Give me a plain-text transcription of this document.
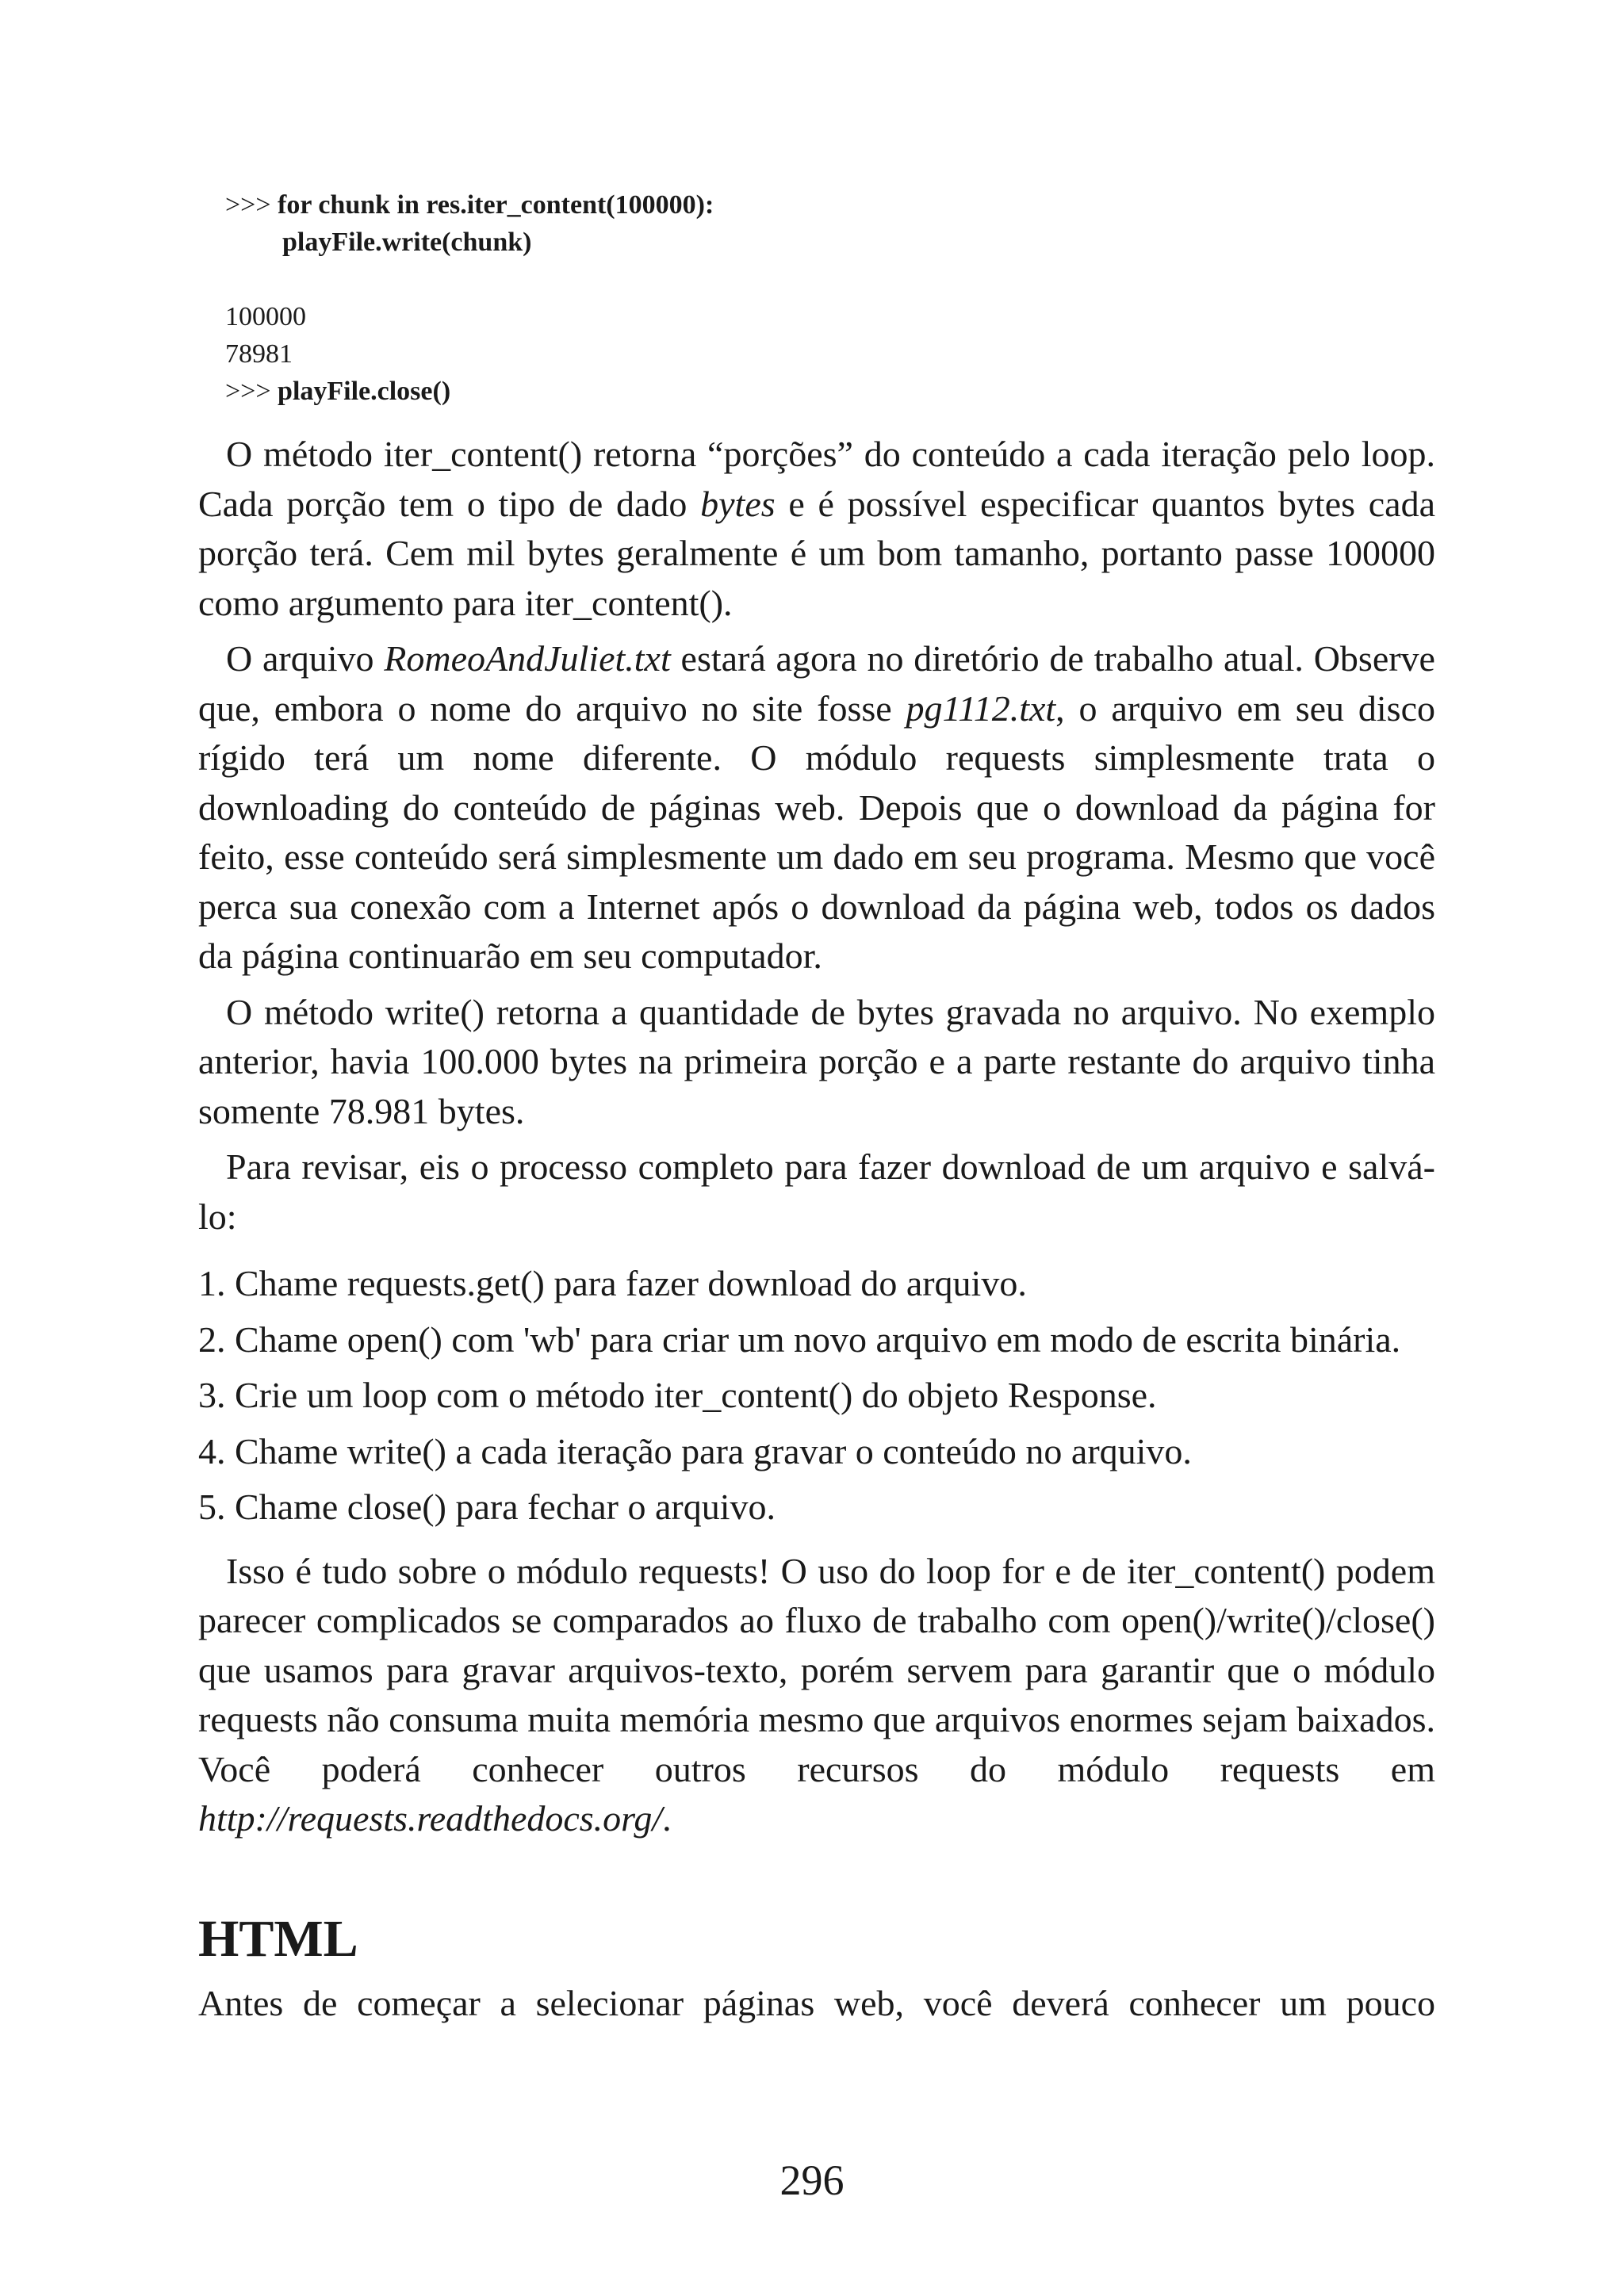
>>> for chunk in res.iter_content(100000):
playFile.write(chunk)
100000
78981
>>> playFile.close()

O método iter_content() retorna “porções” do conteúdo a cada iteração pelo loop. Cada porção tem o tipo de dado bytes e é possível especificar quantos bytes cada porção terá. Cem mil bytes geralmente é um bom tamanho, portanto passe 100000 como argumento para iter_content().

O arquivo RomeoAndJuliet.txt estará agora no diretório de trabalho atual. Observe que, embora o nome do arquivo no site fosse pg1112.txt, o arquivo em seu disco rígido terá um nome diferente. O módulo requests simplesmente trata o downloading do conteúdo de páginas web. Depois que o download da página for feito, esse conteúdo será simplesmente um dado em seu programa. Mesmo que você perca sua conexão com a Internet após o download da página web, todos os dados da página continuarão em seu computador.

O método write() retorna a quantidade de bytes gravada no arquivo. No exemplo anterior, havia 100.000 bytes na primeira porção e a parte restante do arquivo tinha somente 78.981 bytes.

Para revisar, eis o processo completo para fazer download de um arquivo e salvá-lo:

1. Chame requests.get() para fazer download do arquivo.
2. Chame open() com 'wb' para criar um novo arquivo em modo de escrita binária.
3. Crie um loop com o método iter_content() do objeto Response.
4. Chame write() a cada iteração para gravar o conteúdo no arquivo.
5. Chame close() para fechar o arquivo.

Isso é tudo sobre o módulo requests! O uso do loop for e de iter_content() podem parecer complicados se comparados ao fluxo de trabalho com open()/write()/close() que usamos para gravar arquivos-texto, porém servem para garantir que o módulo requests não consuma muita memória mesmo que arquivos enormes sejam baixados. Você poderá conhecer outros recursos do módulo requests em http://requests.readthedocs.org/.

HTML

Antes de começar a selecionar páginas web, você deverá conhecer um pouco

296
